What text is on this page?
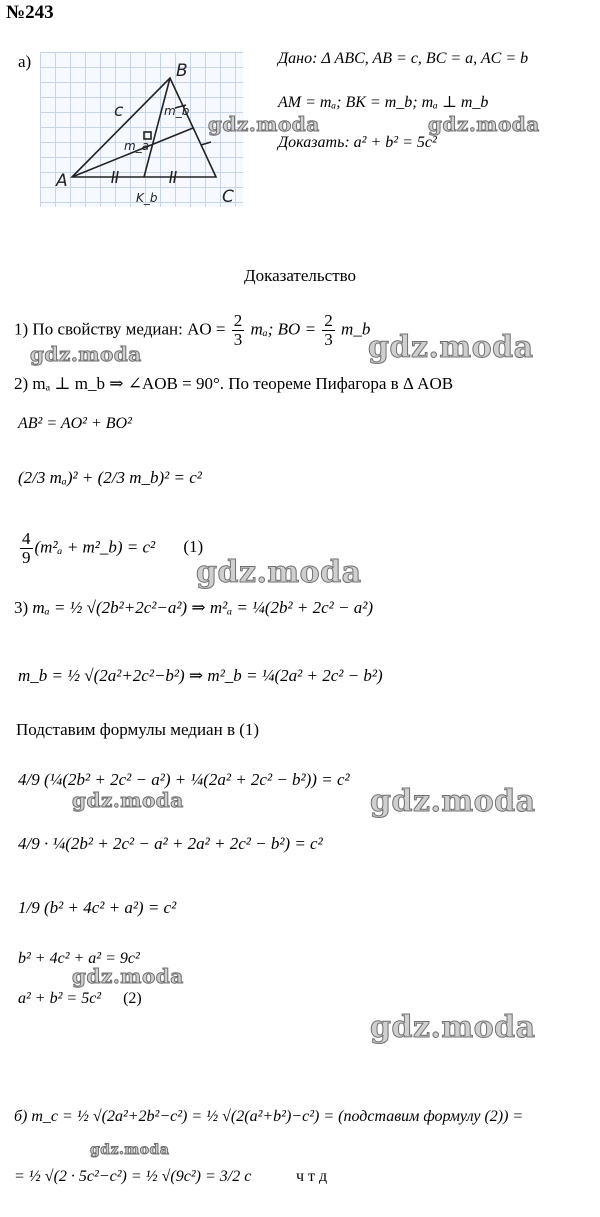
№243
а)	B
A
C
c	m_b
m_a
K_b
Дано: Δ ABC, AB = c, BC = a, AC = b
AM = mₐ; BK = m_b; mₐ ⊥ m_b
Доказать: a² + b² = 5c²
Доказательство
1) По свойству медиан: AO = $\frac{2}{3} m_a$; BO = $\frac{2}{3}$ m_b
2) mₐ ⊥ m_b ⇒ ∠AOB = 90°. По теореме Пифагора в Δ AOB
AB² = AO² + BO²
(2/3 mₐ)² + (2/3 m_b)² = c²
$\frac{4}{9} (m^2_a$ + m²_b) = c² (1)
3) mₐ = ½ √(2b²+2c²−a²) ⇒ m²ₐ = ¼(2b² + 2c² − a²)
m_b = ½ √(2a²+2c²−b²) ⇒ m²_b = ¼(2a² + 2c² − b²)
Подставим формулы медиан в (1)
4/9 (¼(2b² + 2c² − a²) + ¼(2a² + 2c² − b²)) = c²
4/9 · ¼(2b² + 2c² − a² + 2a² + 2c² − b²) = c²
1/9 (b² + 4c² + a²) = c²
b² + 4c² + a² = 9c²
a² + b² = 5c² (2)
б) m_c = ½ √(2a²+2b²−c²) = ½ √(2(a²+b²)−c²) = (подставим формулу (2)) =
= ½ √(2 · 5c²−c²) = ½ √(9c²) = 3/2 c	ч т д
gdz.moda	gdz.moda
gdz.moda	gdz.moda
gdz.moda
gdz.moda	gdz.moda
gdz.moda
gdz.moda
gdz.moda
